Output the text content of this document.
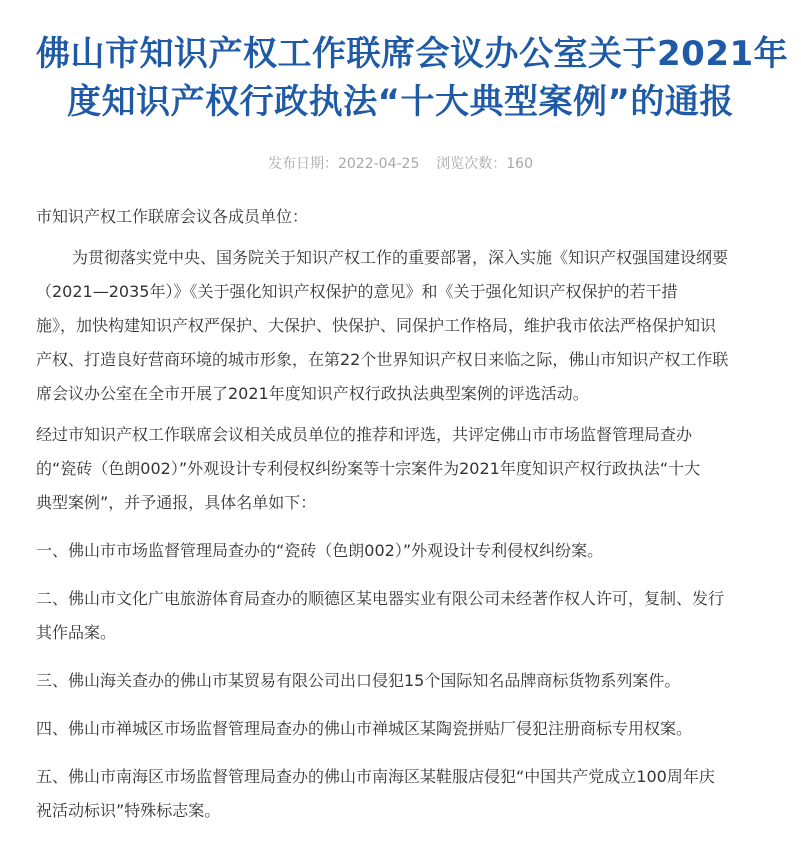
佛山市知识产权工作联席会议办公室关于2021年
度知识产权行政执法“十大典型案例”的通报
发布日期：2022-04-25 浏览次数：160

市知识产权工作联席会议各成员单位：

为贯彻落实党中央、国务院关于知识产权工作的重要部署，深入实施《知识产权强国建设纲要
（2021—2035年）》《关于强化知识产权保护的意见》和《关于强化知识产权保护的若干措
施》，加快构建知识产权严保护、大保护、快保护、同保护工作格局，维护我市依法严格保护知识
产权、打造良好营商环境的城市形象，在第22个世界知识产权日来临之际，佛山市知识产权工作联
席会议办公室在全市开展了2021年度知识产权行政执法典型案例的评选活动。

经过市知识产权工作联席会议相关成员单位的推荐和评选，共评定佛山市市场监督管理局查办
的“瓷砖（色朗002）”外观设计专利侵权纠纷案等十宗案件为2021年度知识产权行政执法“十大
典型案例”，并予通报，具体名单如下：

一、佛山市市场监督管理局查办的“瓷砖（色朗002）”外观设计专利侵权纠纷案。

二、佛山市文化广电旅游体育局查办的顺德区某电器实业有限公司未经著作权人许可，复制、发行
其作品案。

三、佛山海关查办的佛山市某贸易有限公司出口侵犯15个国际知名品牌商标货物系列案件。

四、佛山市禅城区市场监督管理局查办的佛山市禅城区某陶瓷拼贴厂侵犯注册商标专用权案。

五、佛山市南海区市场监督管理局查办的佛山市南海区某鞋服店侵犯“中国共产党成立100周年庆
祝活动标识”特殊标志案。
